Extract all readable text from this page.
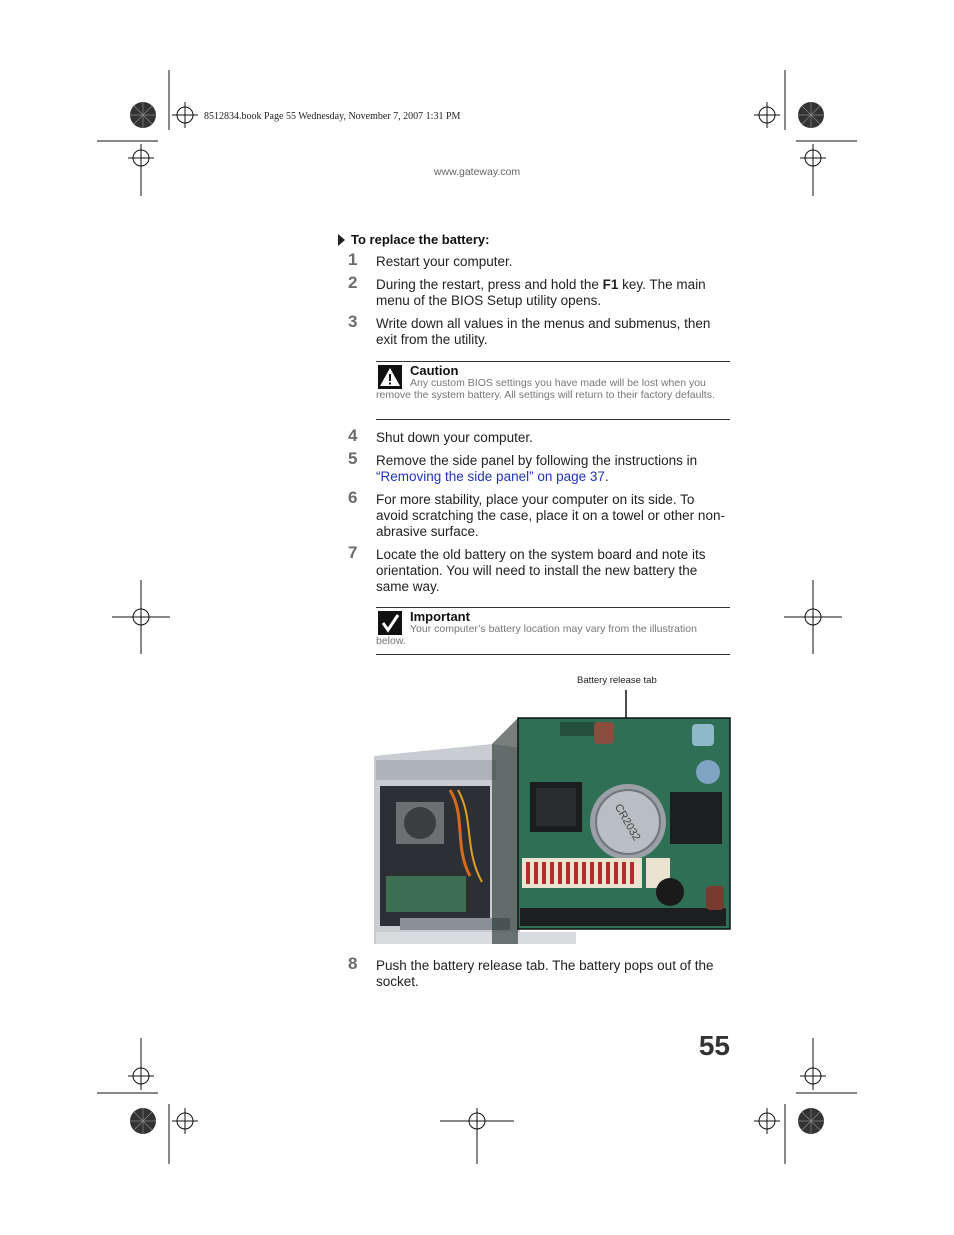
8512834.book Page 55 Wednesday, November 7, 2007 1:31 PM
www.gateway.com
To replace the battery:
1 Restart your computer.
2 During the restart, press and hold the F1 key. The main menu of the BIOS Setup utility opens.
3 Write down all values in the menus and submenus, then exit from the utility.
Caution
Any custom BIOS settings you have made will be lost when you remove the system battery. All settings will return to their factory defaults.
4 Shut down your computer.
5 Remove the side panel by following the instructions in “Removing the side panel” on page 37.
6 For more stability, place your computer on its side. To avoid scratching the case, place it on a towel or other non-abrasive surface.
7 Locate the old battery on the system board and note its orientation. You will need to install the new battery the same way.
Important
Your computer’s battery location may vary from the illustration below.
Battery release tab
CR2032
8 Push the battery release tab. The battery pops out of the socket.
55
